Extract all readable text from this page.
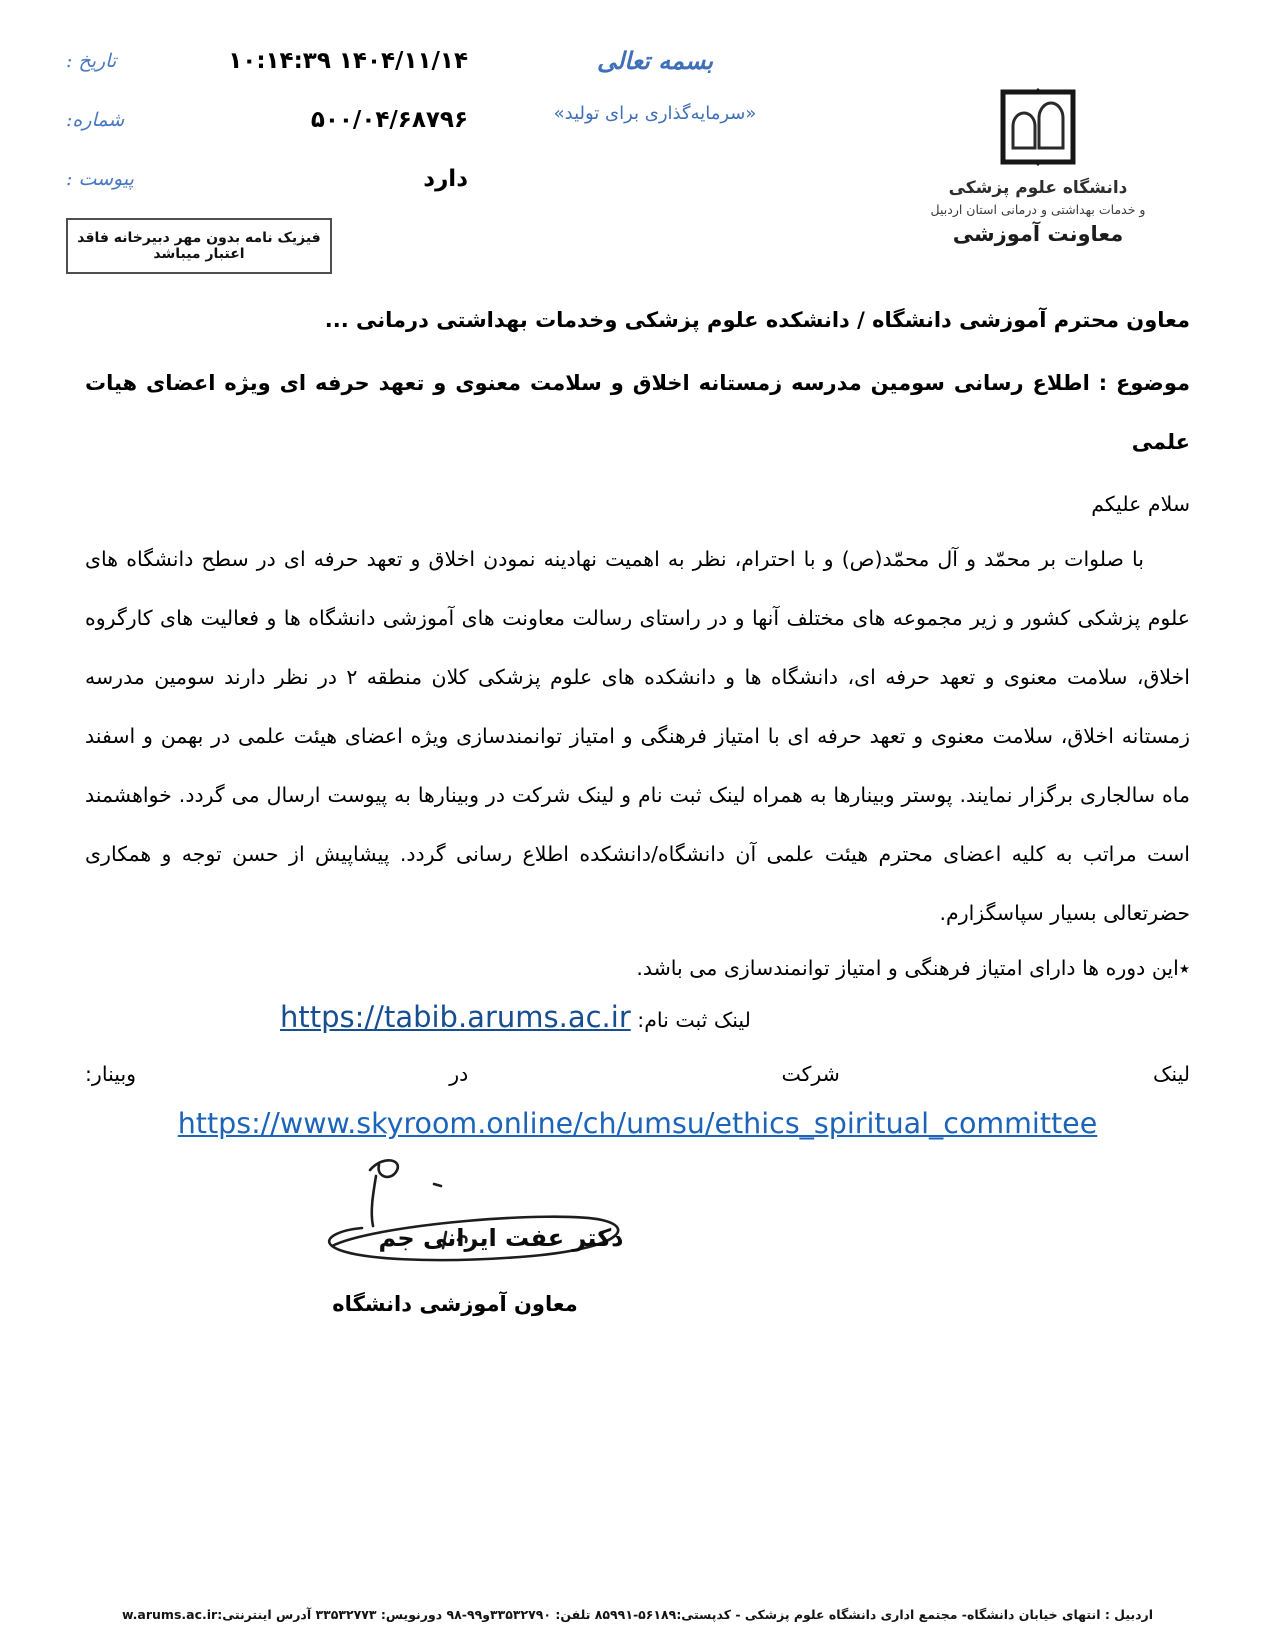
۱۴۰۴/۱۱/۱۴ ۱۰:۱۴:۳۹
تاریخ :
۵۰۰/۰۴/۶۸۷۹۶
شماره:
دارد
پیوست :
فیزیک نامه بدون مهر دبیرخانه فاقد اعتبار میباشد
بسمه تعالی
«سرمایه‌گذاری برای تولید»
دانشگاه علوم پزشکی
و خدمات بهداشتی و درمانی استان اردبیل
معاونت آموزشی
معاون محترم آموزشی دانشگاه / دانشکده علوم پزشکی وخدمات بهداشتی درمانی ...
موضوع : اطلاع رسانی سومین مدرسه زمستانه اخلاق و سلامت معنوی و تعهد حرفه ای ویژه اعضای هیات علمی
سلام علیکم
با صلوات بر محمّد و آل محمّد(ص) و با احترام، نظر به اهمیت نهادینه نمودن اخلاق و تعهد حرفه ای در سطح دانشگاه های علوم پزشکی کشور و زیر مجموعه های مختلف آنها و در راستای رسالت معاونت های آموزشی دانشگاه ها و فعالیت های کارگروه اخلاق، سلامت معنوی و تعهد حرفه ای، دانشگاه ها و دانشکده های علوم پزشکی کلان منطقه ۲ در نظر دارند سومین مدرسه زمستانه اخلاق، سلامت معنوی و تعهد حرفه ای با امتیاز فرهنگی و امتیاز توانمندسازی ویژه اعضای هیئت علمی در بهمن و اسفند ماه سالجاری برگزار نمایند. پوستر وبینارها به همراه لینک ثبت نام و لینک شرکت در وبینارها به پیوست ارسال می گردد. خواهشمند است مراتب به کلیه اعضای محترم هیئت علمی آن دانشگاه/دانشکده اطلاع رسانی گردد. پیشاپیش از حسن توجه و همکاری حضرتعالی بسیار سپاسگزارم.
٭این دوره ها دارای امتیاز فرهنگی و امتیاز توانمندسازی می باشد.
لینک ثبت نام: https://tabib.arums.ac.ir
لینک
شرکت
در
وبینار:
https://www.skyroom.online/ch/umsu/ethics_spiritual_committee
دکتر عفت ایرانی جم
معاون آموزشی دانشگاه
اردبیل : انتهای خیابان دانشگاه- مجتمع اداری دانشگاه علوم پزشکی - کدپستی:۵۶۱۸۹-۸۵۹۹۱ تلفن: ۳۳۵۳۲۷۹۰و۹۹-۹۸ دورنویس: ۳۳۵۳۲۷۷۳ آدرس اینترنتی:w.arums.ac.ir
